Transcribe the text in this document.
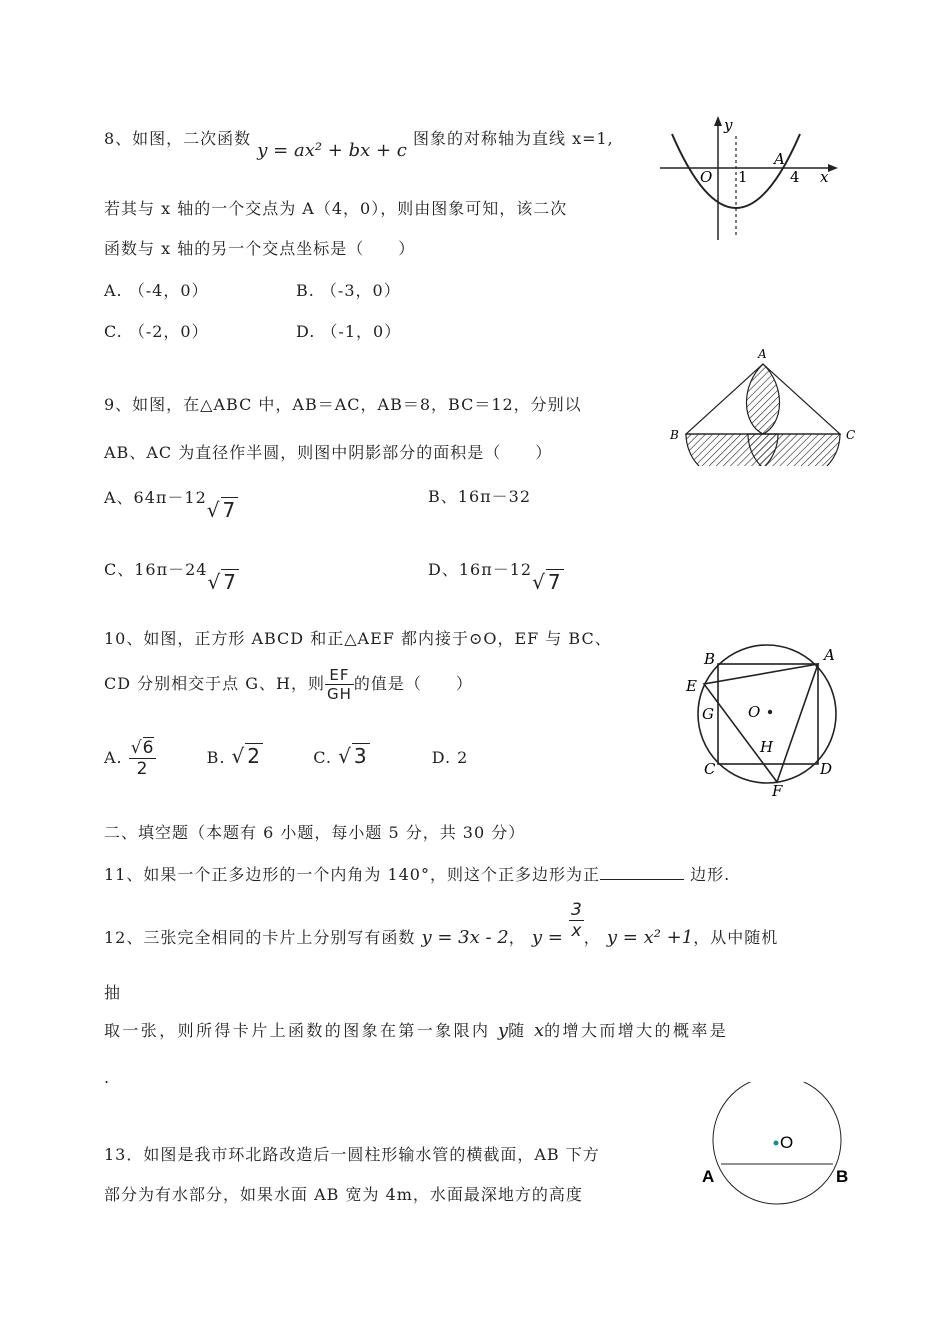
8、如图，二次函数 y = ax² + bx + c 图象的对称轴为直线 x=1,
若其与 x 轴的一个交点为 A（4，0），则由图象可知，该二次
函数与 x 轴的另一个交点坐标是（　　）
A. （-4，0）	B. （-3，0）
C. （-2，0）	D. （-1，0）
y
x
O 1	4
A
9、如图，在△ABC 中，AB＝AC，AB＝8，BC＝12，分别以
AB、AC 为直径作半圆，则图中阴影部分的面积是（　　）
A、64π－12√ 7
B、16π－32
C、16π－24√ 7
D、16π－12√ 7
A
B	C
10、如图，正方形 ABCD 和正△AEF 都内接于⊙O，EF 与 BC、
CD 分别相交于点 G、H，则 $\frac{EF}{GH}$ 的值是（　　）
A. $\frac{√6}{2}$	B. √ 2	C. √ 3	D. 2
B	A
E
G O
H
C	D
F
二、填空题（本题有 6 小题，每小题 5 分，共 30 分）
11、如果一个正多边形的一个内角为 140°，则这个正多边形为正	边形.
12、三张完全相同的卡片上分别写有函数 y = 3x - 2， $y = \frac{3}{x}$ ， y = x² +1，从中随机
抽
取一张，则所得卡片上函数的图象在第一象限内 y随 x的增大而增大的概率是
.
13．如图是我市环北路改造后一圆柱形输水管的横截面，AB 下方
部分为有水部分，如果水面 AB 宽为 4m，水面最深地方的高度
O
A	B
